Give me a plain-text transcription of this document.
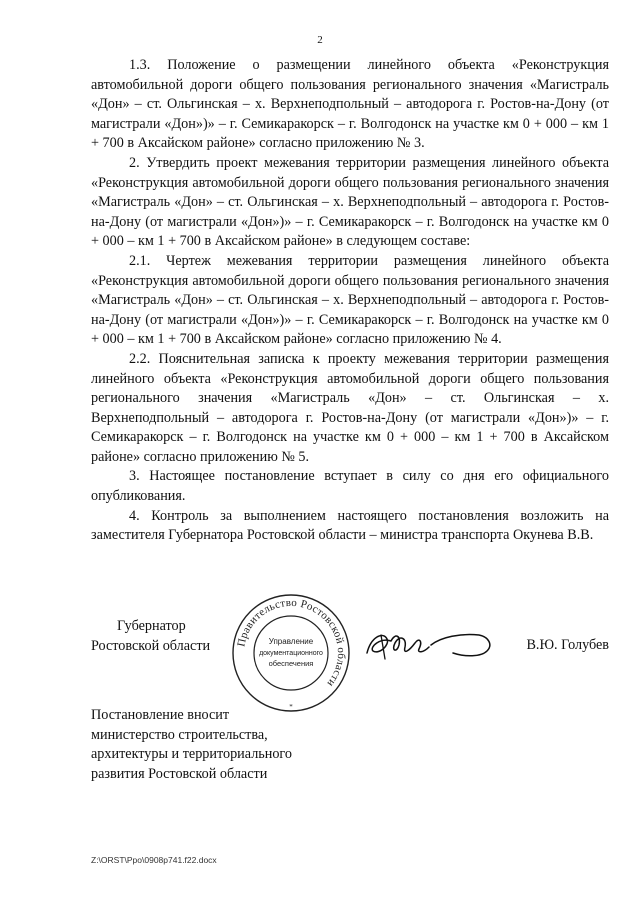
2

1.3. Положение о размещении линейного объекта «Реконструкция автомобильной дороги общего пользования регионального значения «Магистраль «Дон» – ст. Ольгинская – х. Верхнеподпольный – автодорога г. Ростов-на-Дону (от магистрали «Дон»)» – г. Семикаракорск – г. Волгодонск на участке км 0 + 000 – км 1 + 700 в Аксайском районе» согласно приложению № 3.

2. Утвердить проект межевания территории размещения линейного объекта «Реконструкция автомобильной дороги общего пользования регионального значения «Магистраль «Дон» – ст. Ольгинская – х. Верхнеподпольный – автодорога г. Ростов-на-Дону (от магистрали «Дон»)» – г. Семикаракорск – г. Волгодонск на участке км 0 + 000 – км 1 + 700 в Аксайском районе» в следующем составе:

2.1. Чертеж межевания территории размещения линейного объекта «Реконструкция автомобильной дороги общего пользования регионального значения «Магистраль «Дон» – ст. Ольгинская – х. Верхнеподпольный – автодорога г. Ростов-на-Дону (от магистрали «Дон»)» – г. Семикаракорск – г. Волгодонск на участке км 0 + 000 – км 1 + 700 в Аксайском районе» согласно приложению № 4.

2.2. Пояснительная записка к проекту межевания территории размещения линейного объекта «Реконструкция автомобильной дороги общего пользования регионального значения «Магистраль «Дон» – ст. Ольгинская – х. Верхнеподпольный – автодорога г. Ростов-на-Дону (от магистрали «Дон»)» – г. Семикаракорск – г. Волгодонск на участке км 0 + 000 – км 1 + 700 в Аксайском районе» согласно приложению № 5.

3. Настоящее постановление вступает в силу со дня его официального опубликования.

4. Контроль за выполнением настоящего постановления возложить на заместителя Губернатора Ростовской области – министра транспорта Окунева В.В.

Губернатор
Ростовской области Правительство Ростовской области
Управление
документационного
обеспечения
*
В.Ю. Голубев
Постановление вносит
министерство строительства,
архитектуры и территориального
развития Ростовской области
Z:\ORST\Ppo\0908p741.f22.docx
